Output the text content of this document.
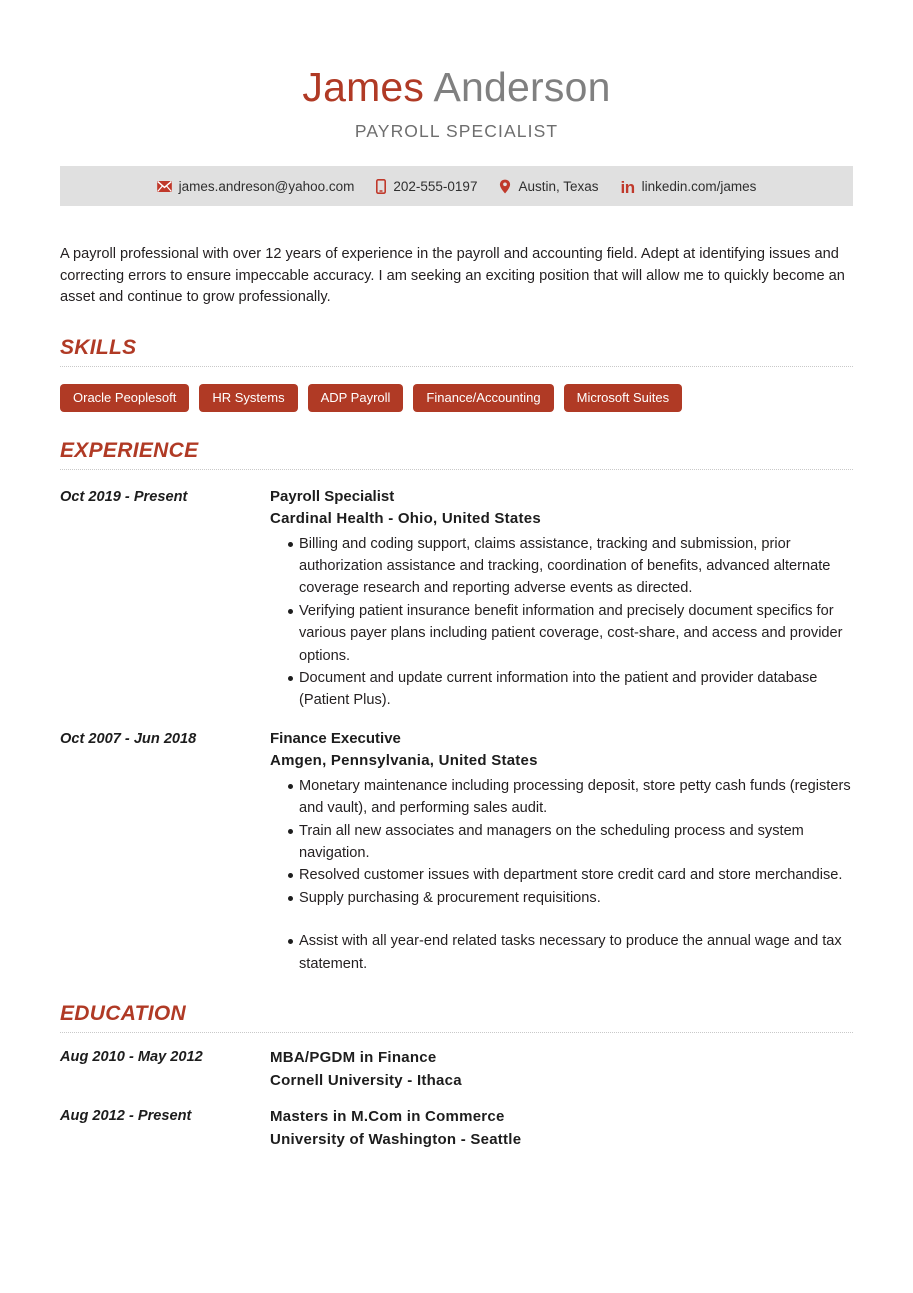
James Anderson
PAYROLL SPECIALIST
james.andreson@yahoo.com	202-555-0197	Austin, Texas in linkedin.com/james
A payroll professional with over 12 years of experience in the payroll and accounting field. Adept at identifying issues and correcting errors to ensure impeccable accuracy. I am seeking an exciting position that will allow me to quickly become an asset and continue to grow professionally.
SKILLS
Oracle Peoplesoft	HR Systems	ADP Payroll	Finance/Accounting	Microsoft Suites
EXPERIENCE
Oct 2019 - Present	Payroll Specialist
Cardinal Health - Ohio, United States
Billing and coding support, claims assistance, tracking and submission, prior authorization assistance and tracking, coordination of benefits, advanced alternate coverage research and reporting adverse events as directed.
Verifying patient insurance benefit information and precisely document specifics for various payer plans including patient coverage, cost-share, and access and provider options.
Document and update current information into the patient and provider database (Patient Plus).
Oct 2007 - Jun 2018	Finance Executive
Amgen, Pennsylvania, United States
Monetary maintenance including processing deposit, store petty cash funds (registers and vault), and performing sales audit.
Train all new associates and managers on the scheduling process and system navigation.
Resolved customer issues with department store credit card and store merchandise.
Supply purchasing & procurement requisitions.
Assist with all year-end related tasks necessary to produce the annual wage and tax statement.
EDUCATION
Aug 2010 - May 2012	MBA/PGDM in Finance
Cornell University - Ithaca
Aug 2012 - Present	Masters in M.Com in Commerce
University of Washington - Seattle
